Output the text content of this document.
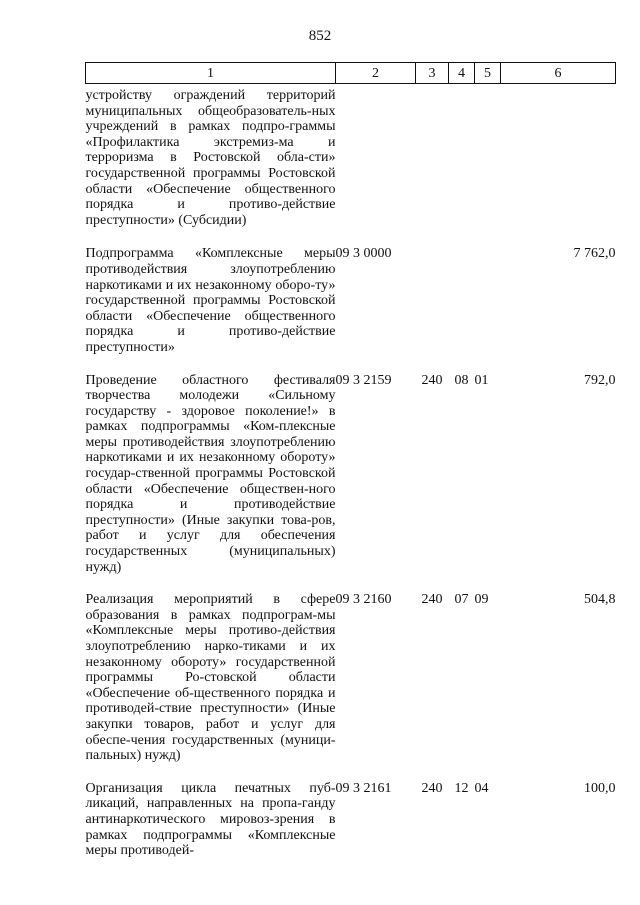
852
1	2	3	4	5	6
устройству ограждений территорий муниципальных общеобразователь-ных учреждений в рамках подпро-граммы «Профилактика экстремиз-ма и терроризма в Ростовской обла-сти» государственной программы Ростовской области «Обеспечение общественного порядка и противо-действие преступности» (Субсидии)					
Подпрограмма «Комплексные меры противодействия злоупотреблению наркотиками и их незаконному оборо-ту» государственной программы Ростовской области «Обеспечение общественного порядка и противо-действие преступности»	09 3 0000				7 762,0
Проведение областного фестиваля творчества молодежи «Сильному государству - здоровое поколение!» в рамках подпрограммы «Ком-плексные меры противодействия злоупотреблению наркотиками и их незаконному обороту» государ-ственной программы Ростовской области «Обеспечение обществен-ного порядка и противодействие преступности» (Иные закупки това-ров, работ и услуг для обеспечения государственных (муниципальных) нужд)	09 3 2159	240	08	01	792,0
Реализация мероприятий в сфере образования в рамках подпрограм-мы «Комплексные меры противо-действия злоупотреблению нарко-тиками и их незаконному обороту» государственной программы Ро-стовской области «Обеспечение об-щественного порядка и противодей-ствие преступности» (Иные закупки товаров, работ и услуг для обеспе-чения государственных (муници-пальных) нужд)	09 3 2160	240	07	09	504,8
Организация цикла печатных пуб-ликаций, направленных на пропа-ганду антинаркотического мировоз-зрения в рамках подпрограммы «Комплексные меры противодей-	09 3 2161	240	12	04	100,0
